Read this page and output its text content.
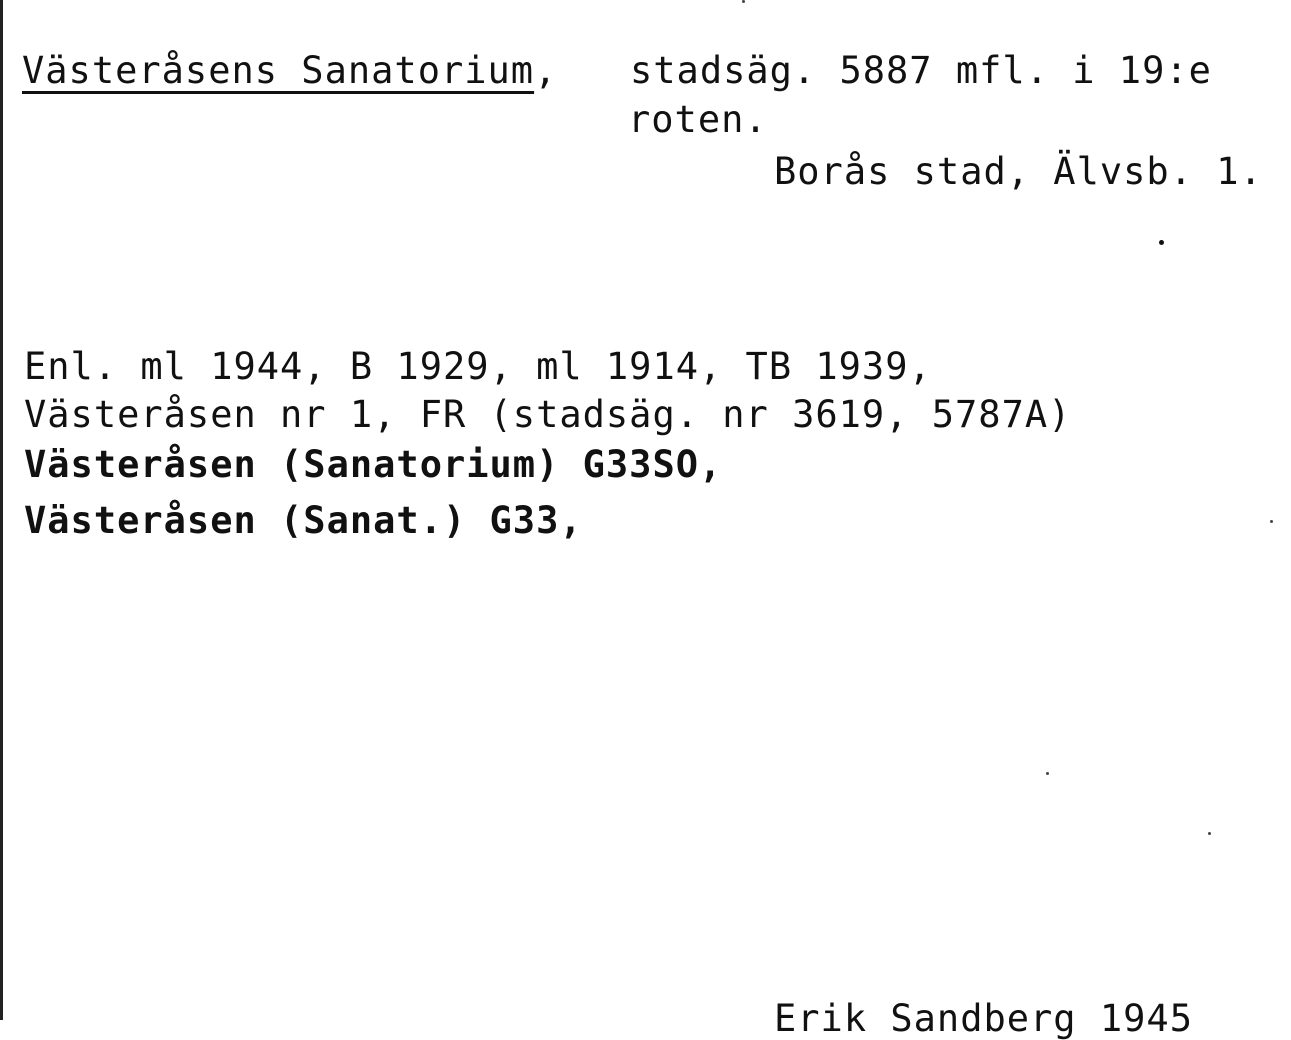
Västeråsens Sanatorium, stadsäg. 5887 mfl. i 19:e
roten.
Borås stad, Älvsb. 1.
Enl. ml 1944, B 1929, ml 1914, TB 1939,
Västeråsen nr 1, FR (stadsäg. nr 3619, 5787A)
Västeråsen (Sanatorium) G33SO,
Västeråsen (Sanat.) G33,
Erik Sandberg 1945
